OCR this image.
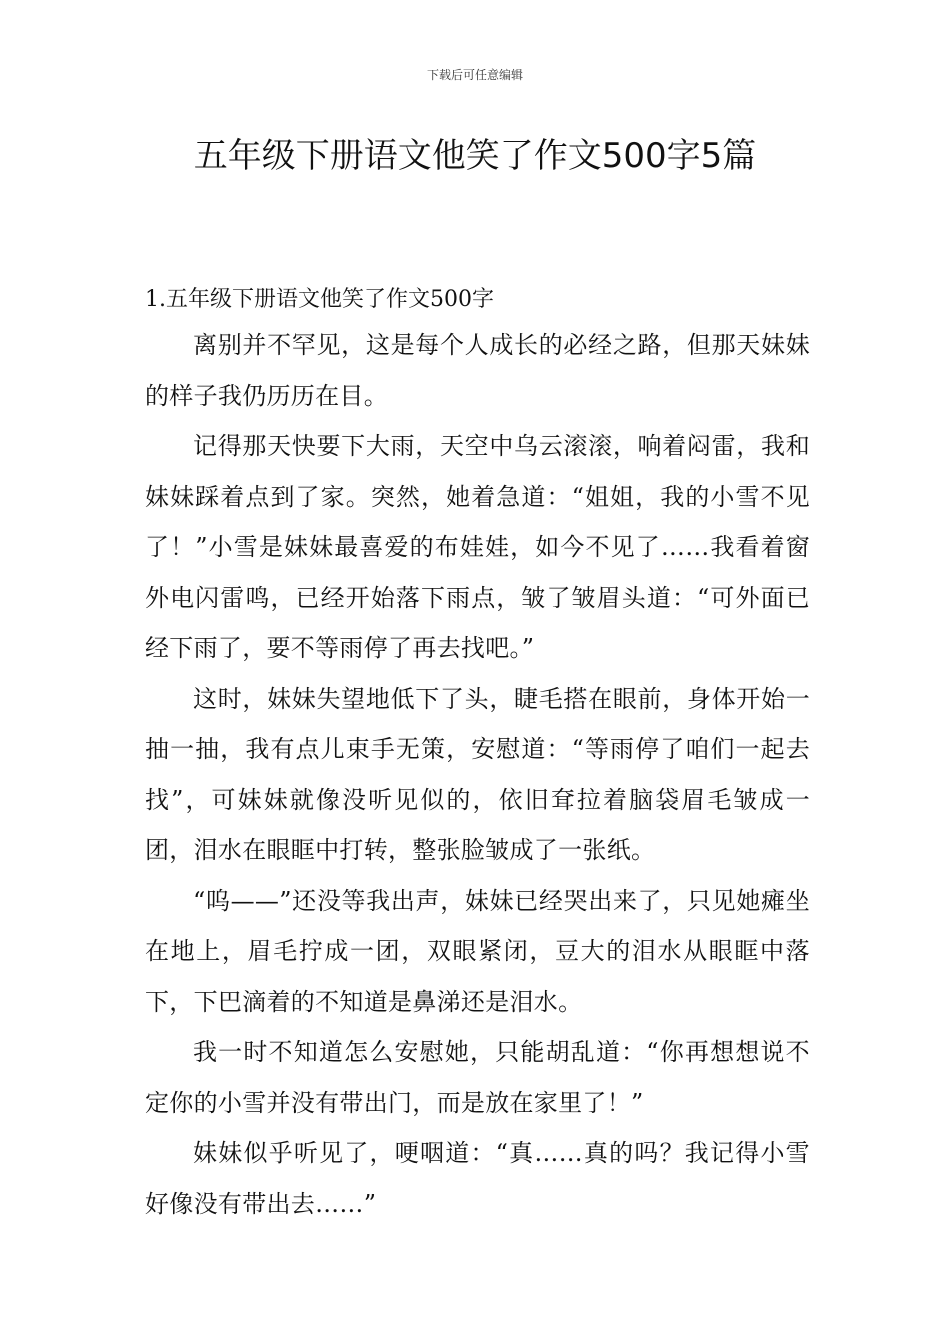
下载后可任意编辑
五年级下册语文他笑了作文500字5篇

1.五年级下册语文他笑了作文500字

离别并不罕见，这是每个人成长的必经之路，但那天妹妹的样子我仍历历在目。

记得那天快要下大雨，天空中乌云滚滚，响着闷雷，我和妹妹踩着点到了家。突然，她着急道：“姐姐，我的小雪不见了！”小雪是妹妹最喜爱的布娃娃，如今不见了……我看着窗外电闪雷鸣，已经开始落下雨点，皱了皱眉头道：“可外面已经下雨了，要不等雨停了再去找吧。”

这时，妹妹失望地低下了头，睫毛搭在眼前，身体开始一抽一抽，我有点儿束手无策，安慰道：“等雨停了咱们一起去找”，可妹妹就像没听见似的，依旧耷拉着脑袋眉毛皱成一团，泪水在眼眶中打转，整张脸皱成了一张纸。

“呜——”还没等我出声，妹妹已经哭出来了，只见她瘫坐在地上，眉毛拧成一团，双眼紧闭，豆大的泪水从眼眶中落下，下巴滴着的不知道是鼻涕还是泪水。

我一时不知道怎么安慰她，只能胡乱道：“你再想想说不定你的小雪并没有带出门，而是放在家里了！”

妹妹似乎听见了，哽咽道：“真……真的吗？我记得小雪好像没有带出去……”
